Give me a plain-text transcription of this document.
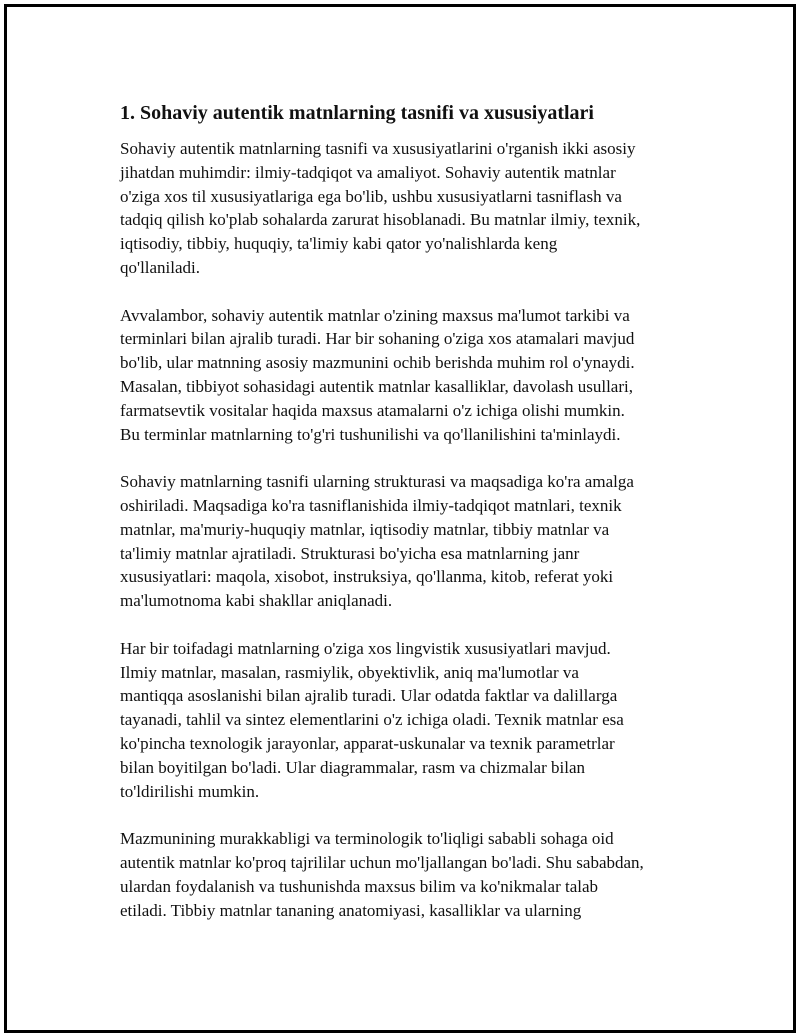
1. Sohaviy autentik matnlarning tasnifi va xususiyatlari
Sohaviy autentik matnlarning tasnifi va xususiyatlarini o'rganish ikki asosiy
jihatdan muhimdir: ilmiy-tadqiqot va amaliyot. Sohaviy autentik matnlar
o'ziga xos til xususiyatlariga ega bo'lib, ushbu xususiyatlarni tasniflash va
tadqiq qilish ko'plab sohalarda zarurat hisoblanadi. Bu matnlar ilmiy, texnik,
iqtisodiy, tibbiy, huquqiy, ta'limiy kabi qator yo'nalishlarda keng
qo'llaniladi.
Avvalambor, sohaviy autentik matnlar o'zining maxsus ma'lumot tarkibi va
terminlari bilan ajralib turadi. Har bir sohaning o'ziga xos atamalari mavjud
bo'lib, ular matnning asosiy mazmunini ochib berishda muhim rol o'ynaydi.
Masalan, tibbiyot sohasidagi autentik matnlar kasalliklar, davolash usullari,
farmatsevtik vositalar haqida maxsus atamalarni o'z ichiga olishi mumkin.
Bu terminlar matnlarning to'g'ri tushunilishi va qo'llanilishini ta'minlaydi.
Sohaviy matnlarning tasnifi ularning strukturasi va maqsadiga ko'ra amalga
oshiriladi. Maqsadiga ko'ra tasniflanishida ilmiy-tadqiqot matnlari, texnik
matnlar, ma'muriy-huquqiy matnlar, iqtisodiy matnlar, tibbiy matnlar va
ta'limiy matnlar ajratiladi. Strukturasi bo'yicha esa matnlarning janr
xususiyatlari: maqola, xisobot, instruksiya, qo'llanma, kitob, referat yoki
ma'lumotnoma kabi shakllar aniqlanadi.
Har bir toifadagi matnlarning o'ziga xos lingvistik xususiyatlari mavjud.
Ilmiy matnlar, masalan, rasmiylik, obyektivlik, aniq ma'lumotlar va
mantiqqa asoslanishi bilan ajralib turadi. Ular odatda faktlar va dalillarga
tayanadi, tahlil va sintez elementlarini o'z ichiga oladi. Texnik matnlar esa
ko'pincha texnologik jarayonlar, apparat-uskunalar va texnik parametrlar
bilan boyitilgan bo'ladi. Ular diagrammalar, rasm va chizmalar bilan
to'ldirilishi mumkin.
Mazmunining murakkabligi va terminologik to'liqligi sababli sohaga oid
autentik matnlar ko'proq tajrililar uchun mo'ljallangan bo'ladi. Shu sababdan,
ulardan foydalanish va tushunishda maxsus bilim va ko'nikmalar talab
etiladi. Tibbiy matnlar tananing anatomiyasi, kasalliklar va ularning
